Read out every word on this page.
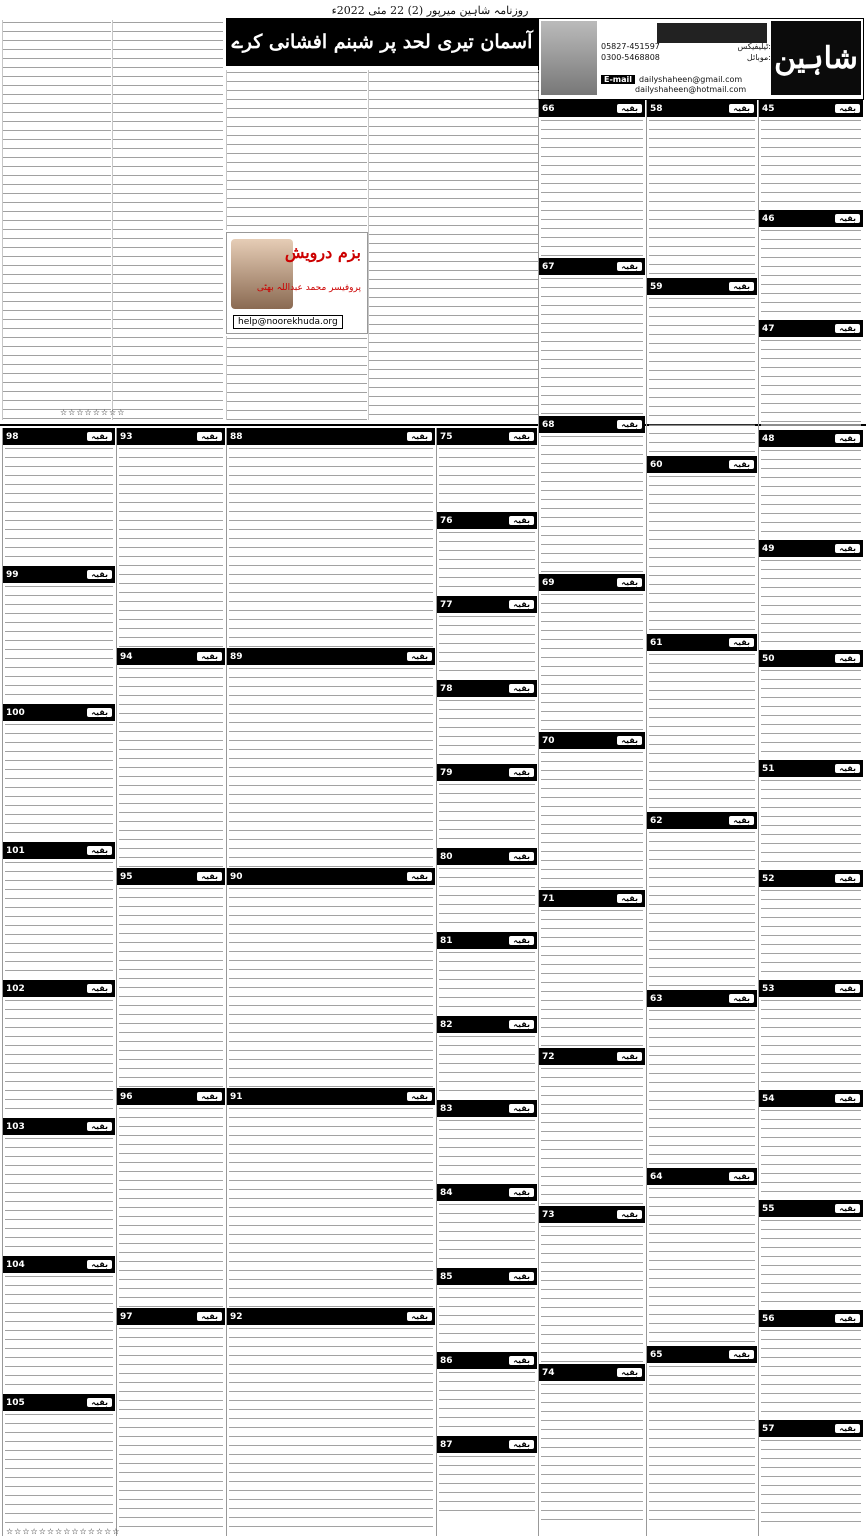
روزنامہ شاہین میرپور (2) 22 مئی 2022ء
شاہین
05827-451597	ٹیلیفیکس:
0300-5468808	موبائل:
E-mail dailyshaheen@gmail.com
dailyshaheen@hotmail.com
آسمان تیری لحد پر شبنم افشانی کرے
بزم درویش
پروفیسر محمد عبداللہ بھٹی
help@noorekhuda.org
45	بقیہ
46	بقیہ
47	بقیہ
48	بقیہ
49	بقیہ
50	بقیہ
51	بقیہ
52	بقیہ
53	بقیہ
54	بقیہ
55	بقیہ
56	بقیہ
57	بقیہ
58	بقیہ
59	بقیہ
60	بقیہ
61	بقیہ
62	بقیہ
63	بقیہ
64	بقیہ
65	بقیہ
66	بقیہ
67	بقیہ
68	بقیہ
69	بقیہ
70	بقیہ
71	بقیہ
72	بقیہ
73	بقیہ
74	بقیہ
75	بقیہ
76	بقیہ
77	بقیہ
78	بقیہ
79	بقیہ
80	بقیہ
81	بقیہ
82	بقیہ
83	بقیہ
84	بقیہ
85	بقیہ
86	بقیہ
87	بقیہ
88	بقیہ
89	بقیہ
90	بقیہ
91	بقیہ
92	بقیہ
93	بقیہ
94	بقیہ
95	بقیہ
96	بقیہ
97	بقیہ
98	بقیہ
99	بقیہ
100	بقیہ
101	بقیہ
102	بقیہ
103	بقیہ
104	بقیہ
105	بقیہ
☆☆☆☆☆☆☆☆☆☆☆☆☆☆
☆☆☆☆☆☆☆☆
